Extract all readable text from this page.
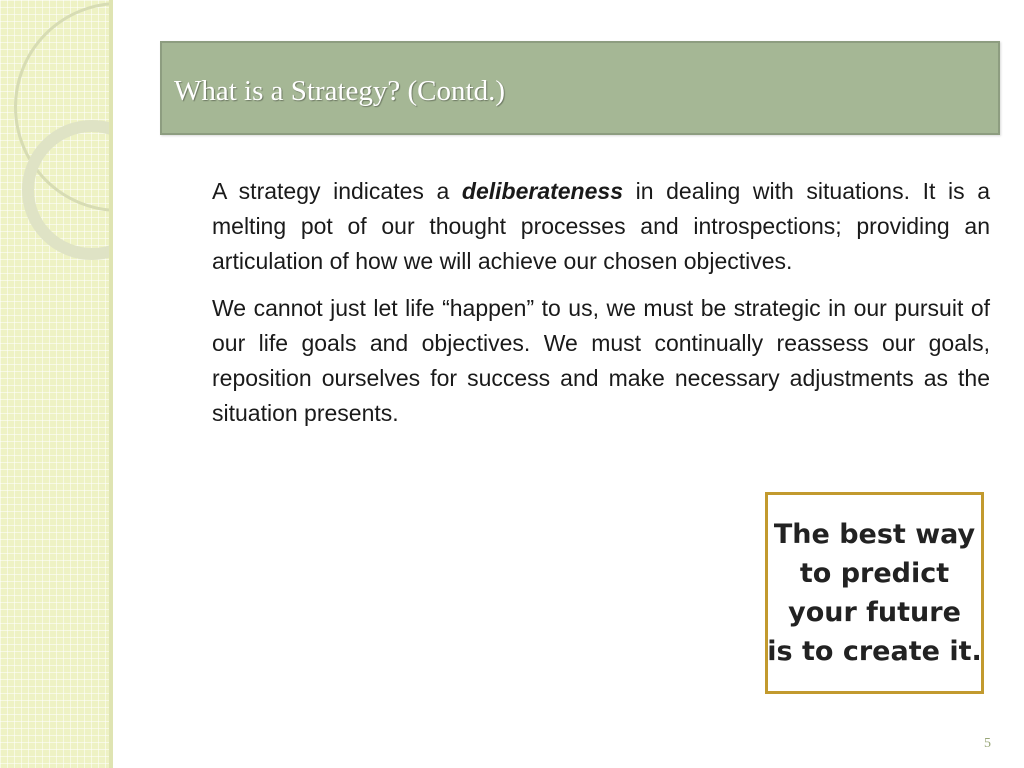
What is a Strategy? (Contd.)

A strategy indicates a deliberateness in dealing with situations. It is a melting pot of our thought processes and introspections; providing an articulation of how we will achieve our chosen objectives.

We cannot just let life “happen” to us, we must be strategic in our pursuit of our life goals and objectives. We must continually reassess our goals, reposition ourselves for success and make necessary adjustments as the situation presents.

The best way
to predict
your future
is to create it.
5
